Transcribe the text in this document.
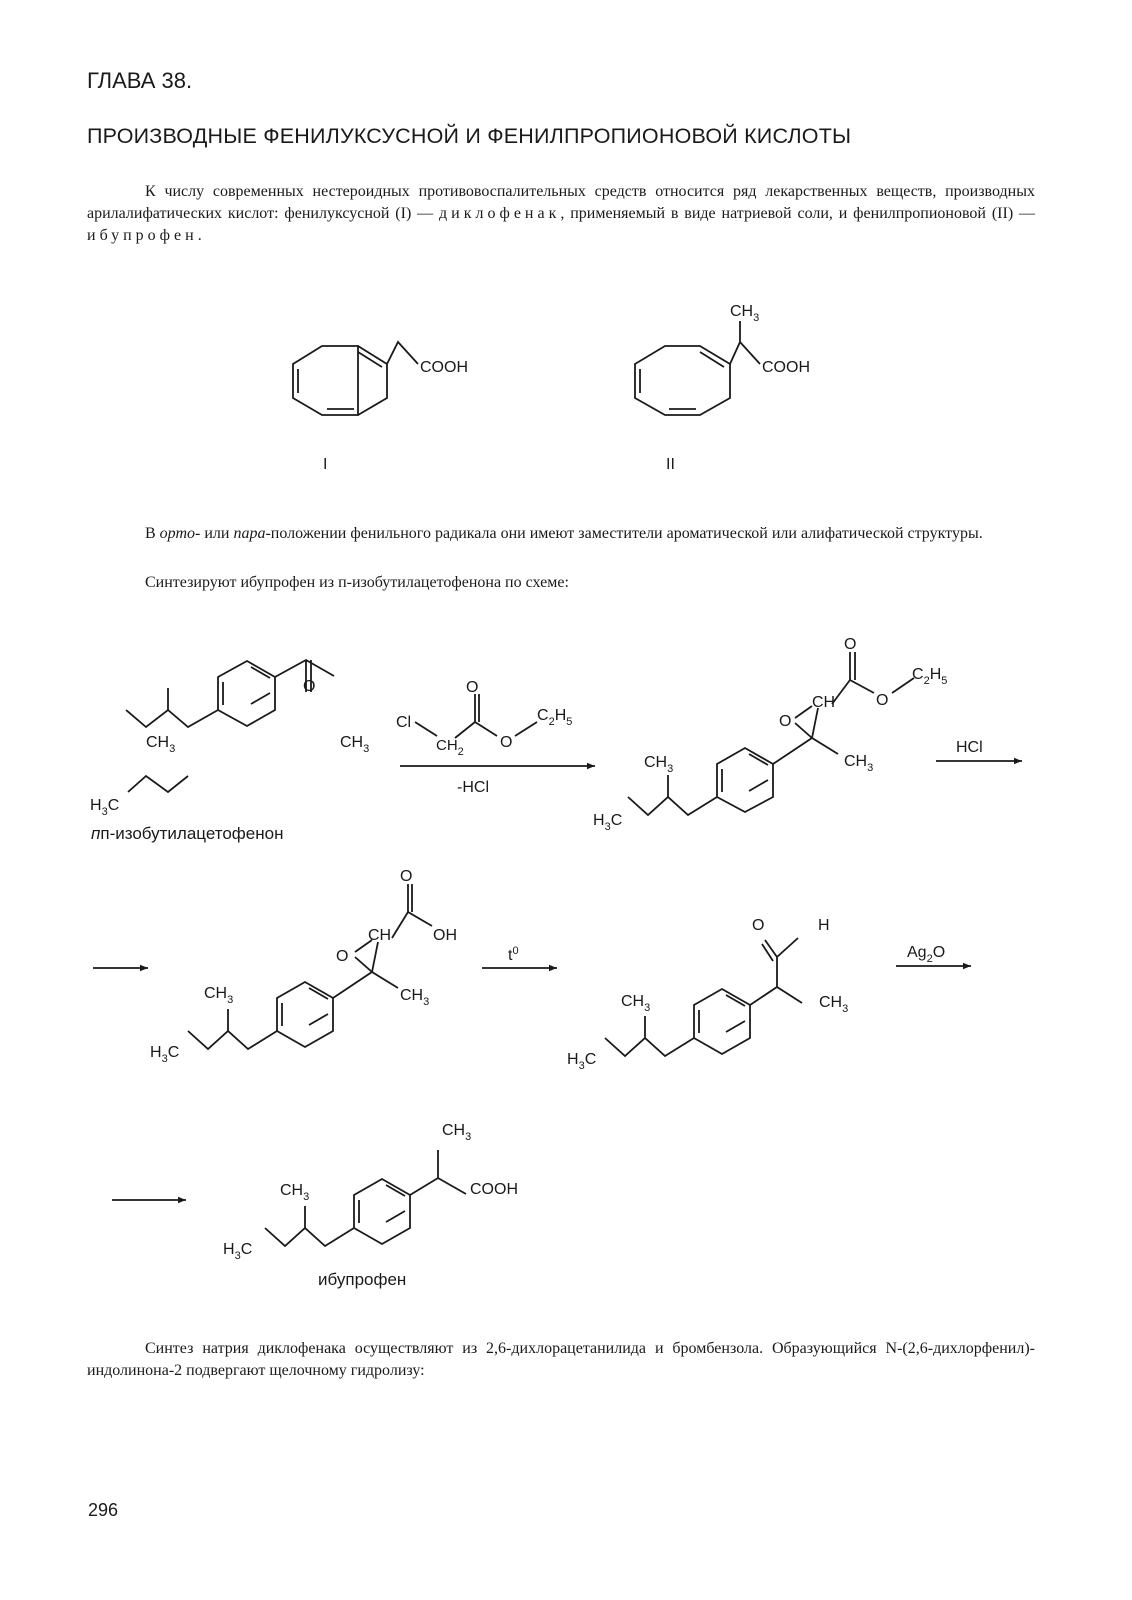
ГЛАВА 38.
ПРОИЗВОДНЫЕ ФЕНИЛУКСУСНОЙ И ФЕНИЛПРОПИОНОВОЙ КИСЛОТЫ
К числу современных нестероидных противовоспалительных средств относится ряд лекарственных веществ, производных арилалифатических кислот: фенилуксусной (I) — диклофенак, применяемый в виде натриевой соли, и фенилпропионовой (II) — ибупрофен.
В орто- или пара-положении фенильного радикала они имеют заместители ароматической или алифатической структуры.
Синтезируют ибупрофен из п-изобутилацетофенона по схеме:
Синтез натрия диклофенака осуществляют из 2,6-дихлорацетанилида и бромбензола. Образующийся N-(2,6-дихлорфенил)-индолинона-2 подвергают щелочному гидролизу:
296
COOH
I
$CH_3$
COOH
II
O
$CH_3$	$CH_3$
$H_3C$
пп-изобутилацетофенон
Cl
O
$CH_2$
O
$C_2H_5$
-HCl
O
CH
O
O
$C_2H_5$
$CH_3$	$CH_3$
$H_3C$
HCl
O
CH
O
OH
$CH_3$	$CH_3$
$H_3C$
$t^0$
O	H
$CH_3$	$CH_3$
$H_3C$
$Ag_2O$
$CH_3$
COOH
$CH_3$
$H_3C$
ибупрофен
